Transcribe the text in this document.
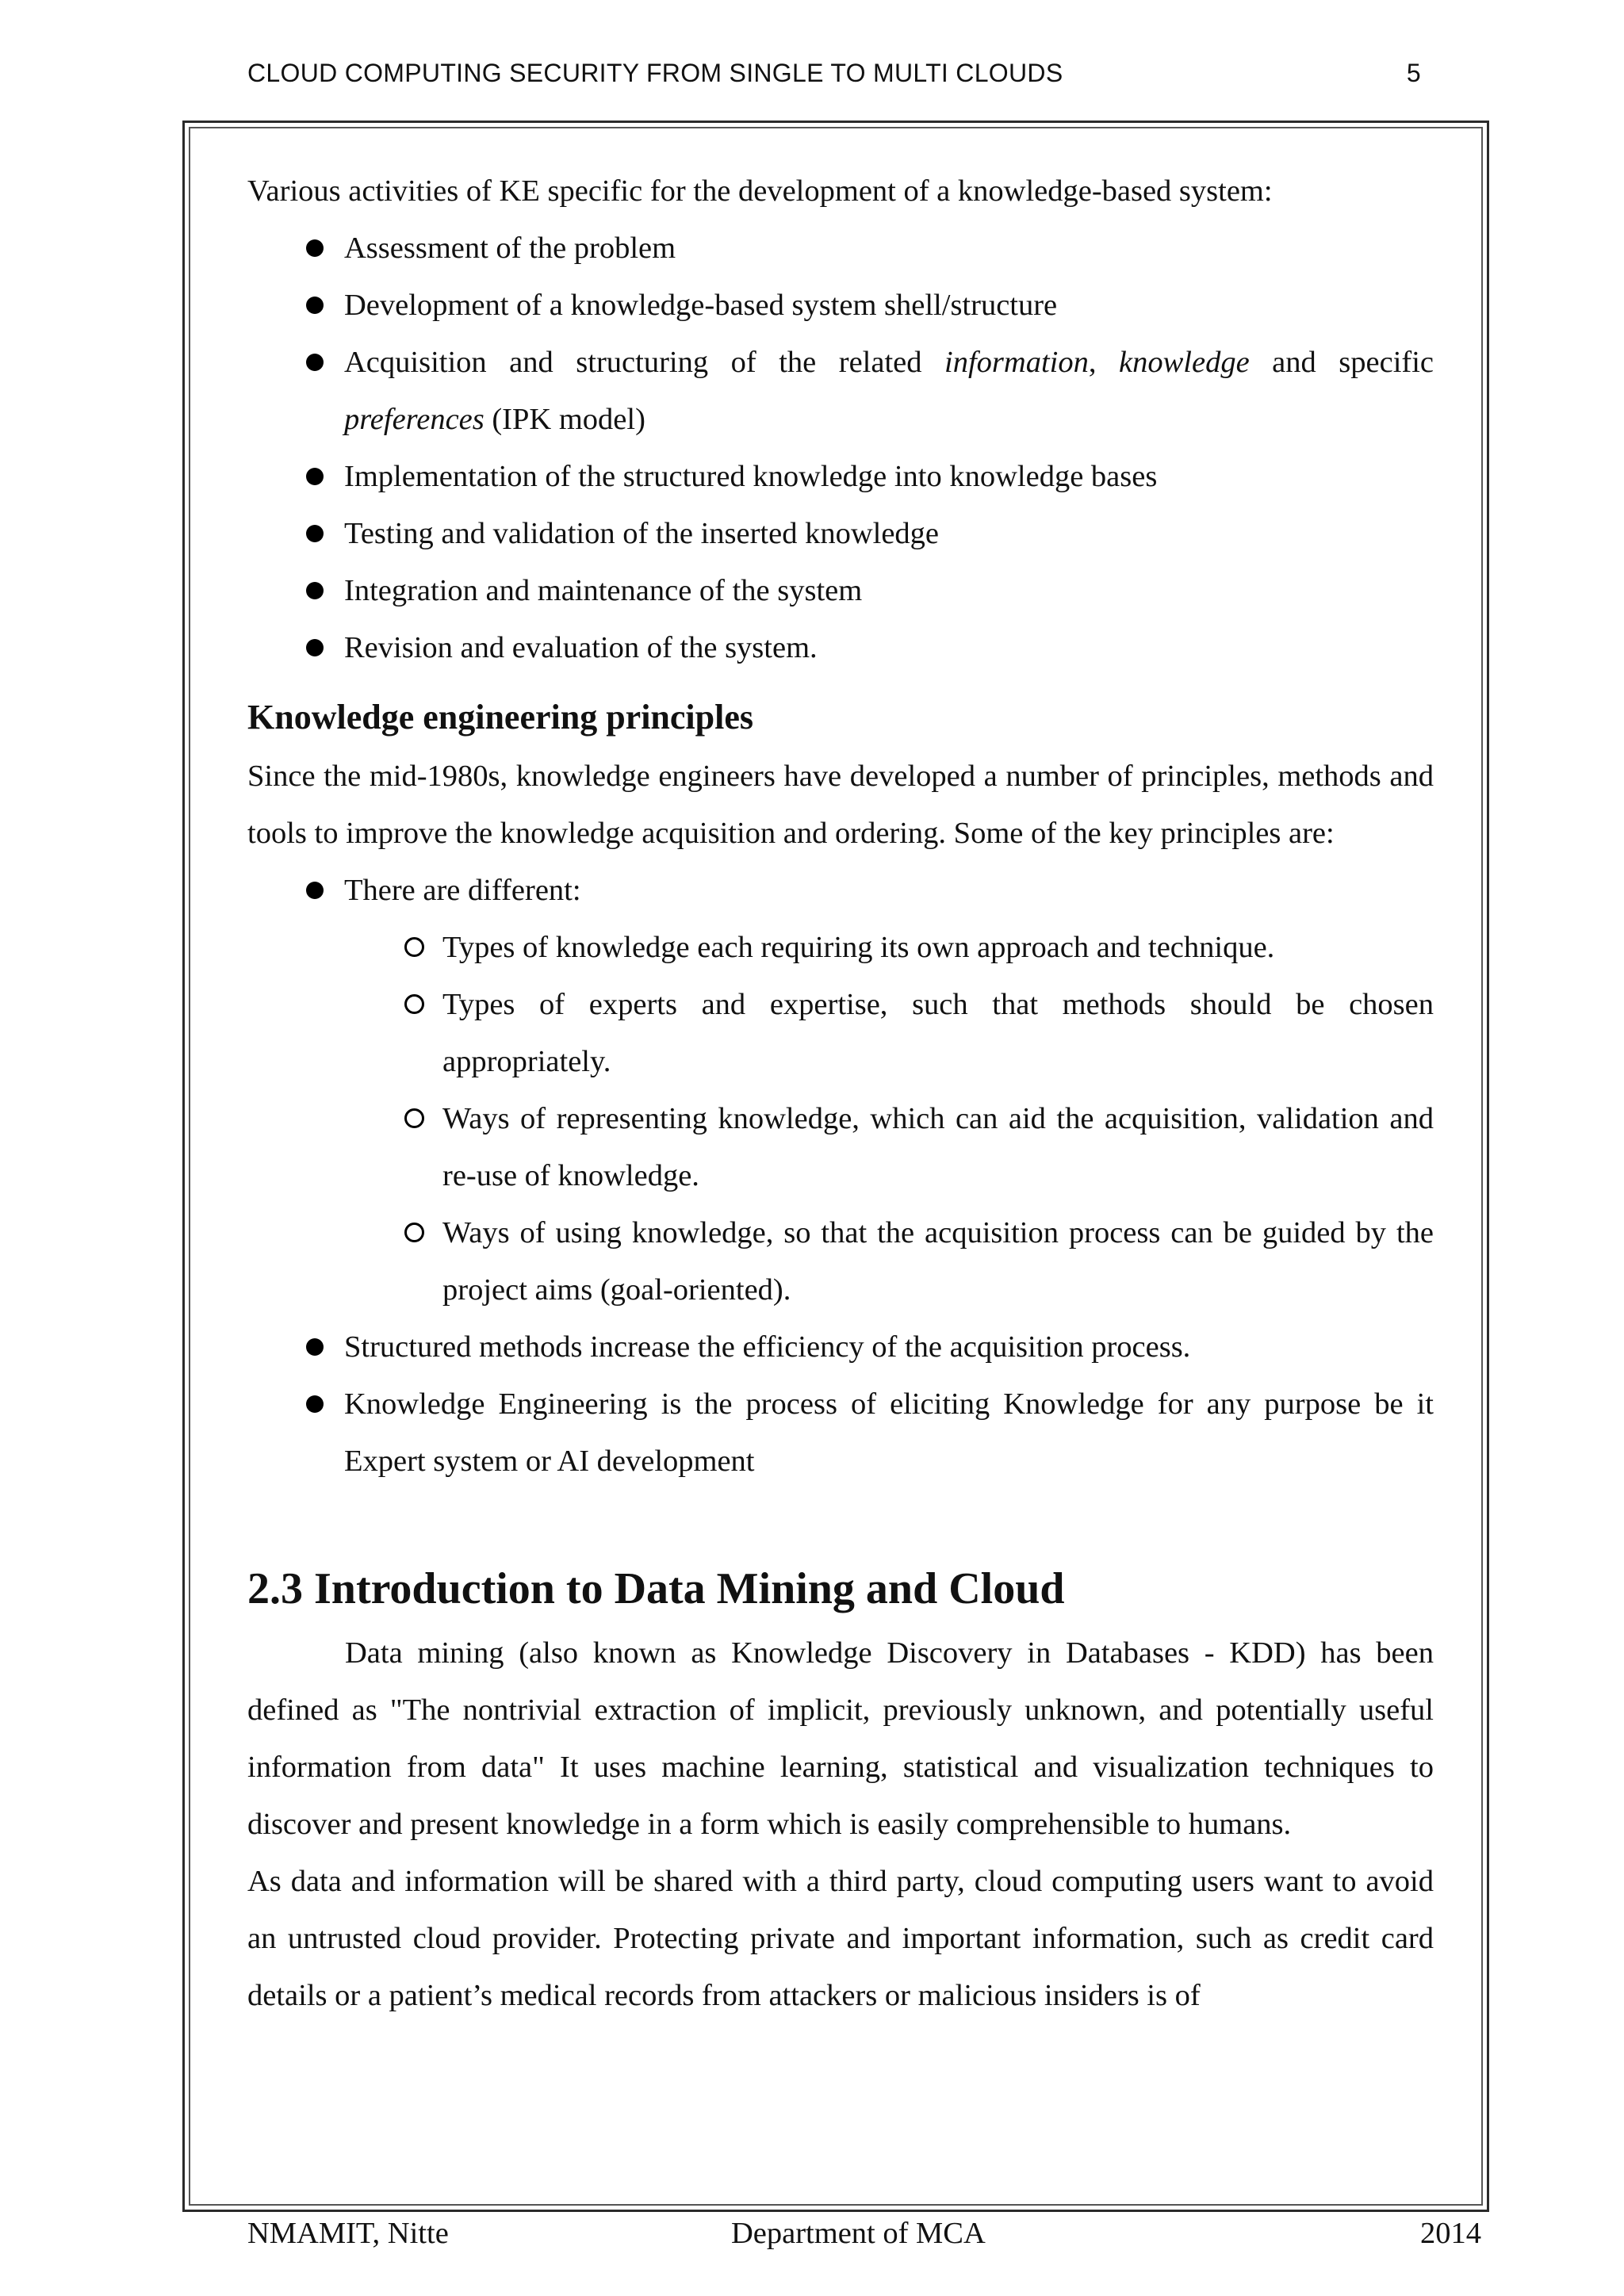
CLOUD COMPUTING SECURITY FROM SINGLE TO MULTI CLOUDS	5

Various activities of KE specific for the development of a knowledge-based system:

Assessment of the problem
Development of a knowledge-based system shell/structure
Acquisition and structuring of the related information, knowledge and specific preferences (IPK model)
Implementation of the structured knowledge into knowledge bases
Testing and validation of the inserted knowledge
Integration and maintenance of the system
Revision and evaluation of the system.
Knowledge engineering principles

Since the mid-1980s, knowledge engineers have developed a number of principles, methods and tools to improve the knowledge acquisition and ordering. Some of the key principles are:

There are different:
Types of knowledge each requiring its own approach and technique.
Types of experts and expertise, such that methods should be chosen appropriately.
Ways of representing knowledge, which can aid the acquisition, validation and re-use of knowledge.
Ways of using knowledge, so that the acquisition process can be guided by the project aims (goal-oriented).
Structured methods increase the efficiency of the acquisition process.
Knowledge Engineering is the process of eliciting Knowledge for any purpose be it Expert system or AI development
2.3 Introduction to Data Mining and Cloud

Data mining (also known as Knowledge Discovery in Databases - KDD) has been defined as "The nontrivial extraction of implicit, previously unknown, and potentially useful information from data" It uses machine learning, statistical and visualization techniques to discover and present knowledge in a form which is easily comprehensible to humans.

As data and information will be shared with a third party, cloud computing users want to avoid an untrusted cloud provider. Protecting private and important information, such as credit card details or a patient’s medical records from attackers or malicious insiders is of

NMAMIT, Nitte	Department of MCA	2014
